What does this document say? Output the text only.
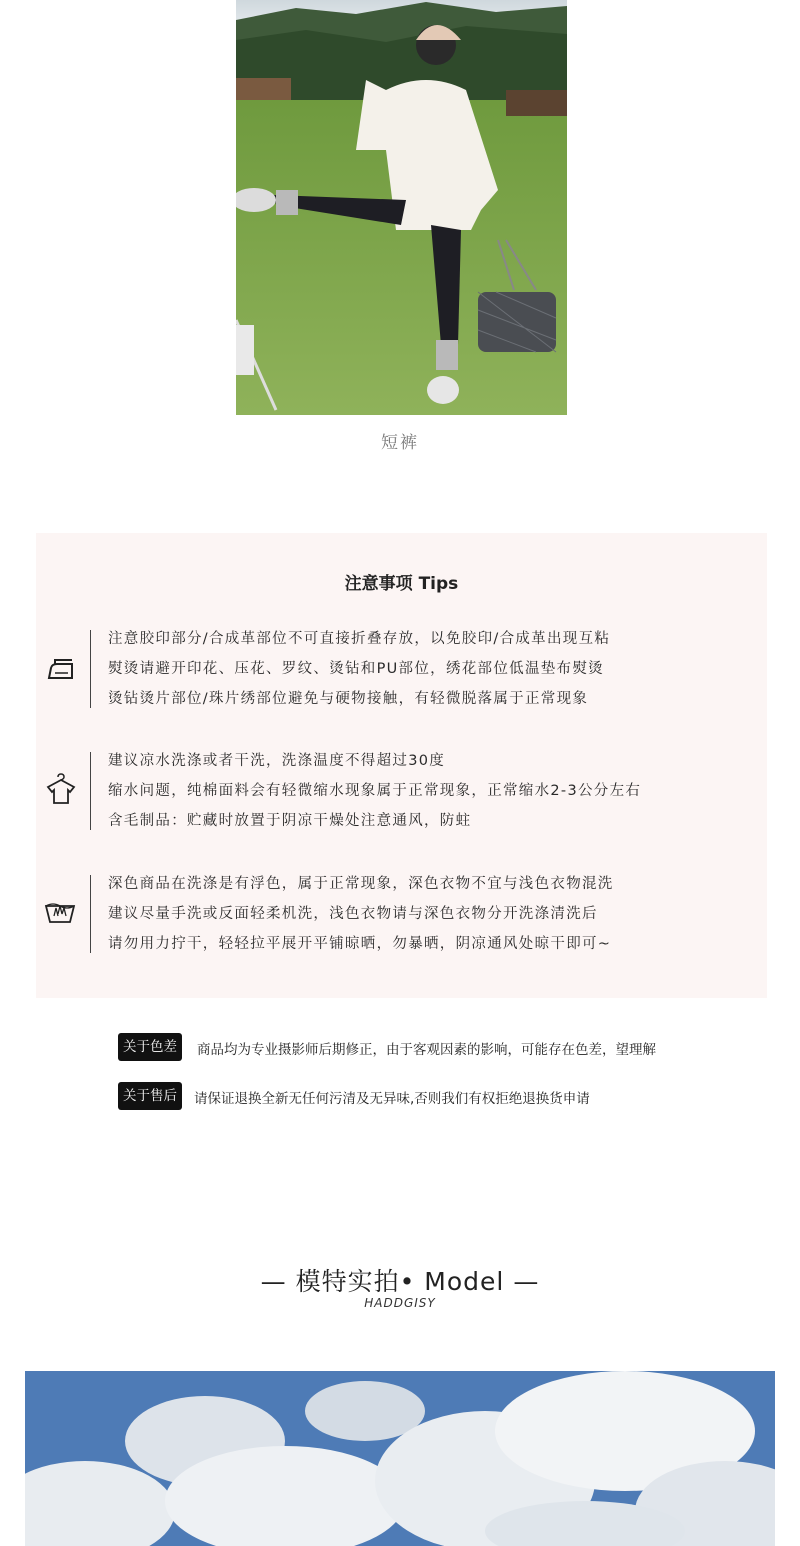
短裤
注意事项 Tips
注意胶印部分/合成革部位不可直接折叠存放，以免胶印/合成革出现互粘
熨烫请避开印花、压花、罗纹、烫钻和PU部位，绣花部位低温垫布熨烫
烫钻烫片部位/珠片绣部位避免与硬物接触，有轻微脱落属于正常现象
建议凉水洗涤或者干洗，洗涤温度不得超过30度
缩水问题，纯棉面料会有轻微缩水现象属于正常现象，正常缩水2-3公分左右
含毛制品：贮藏时放置于阴凉干燥处注意通风，防蛀
深色商品在洗涤是有浮色，属于正常现象，深色衣物不宜与浅色衣物混洗
建议尽量手洗或反面轻柔机洗，浅色衣物请与深色衣物分开洗涤清洗后
请勿用力拧干，轻轻拉平展开平铺晾晒，勿暴晒，阴凉通风处晾干即可~
关于色差	商品均为专业摄影师后期修正，由于客观因素的影响，可能存在色差，望理解
关于售后	请保证退换全新无任何污清及无异味,否则我们有权拒绝退换货申请
— 模特实拍• Model —
HADDGISY
